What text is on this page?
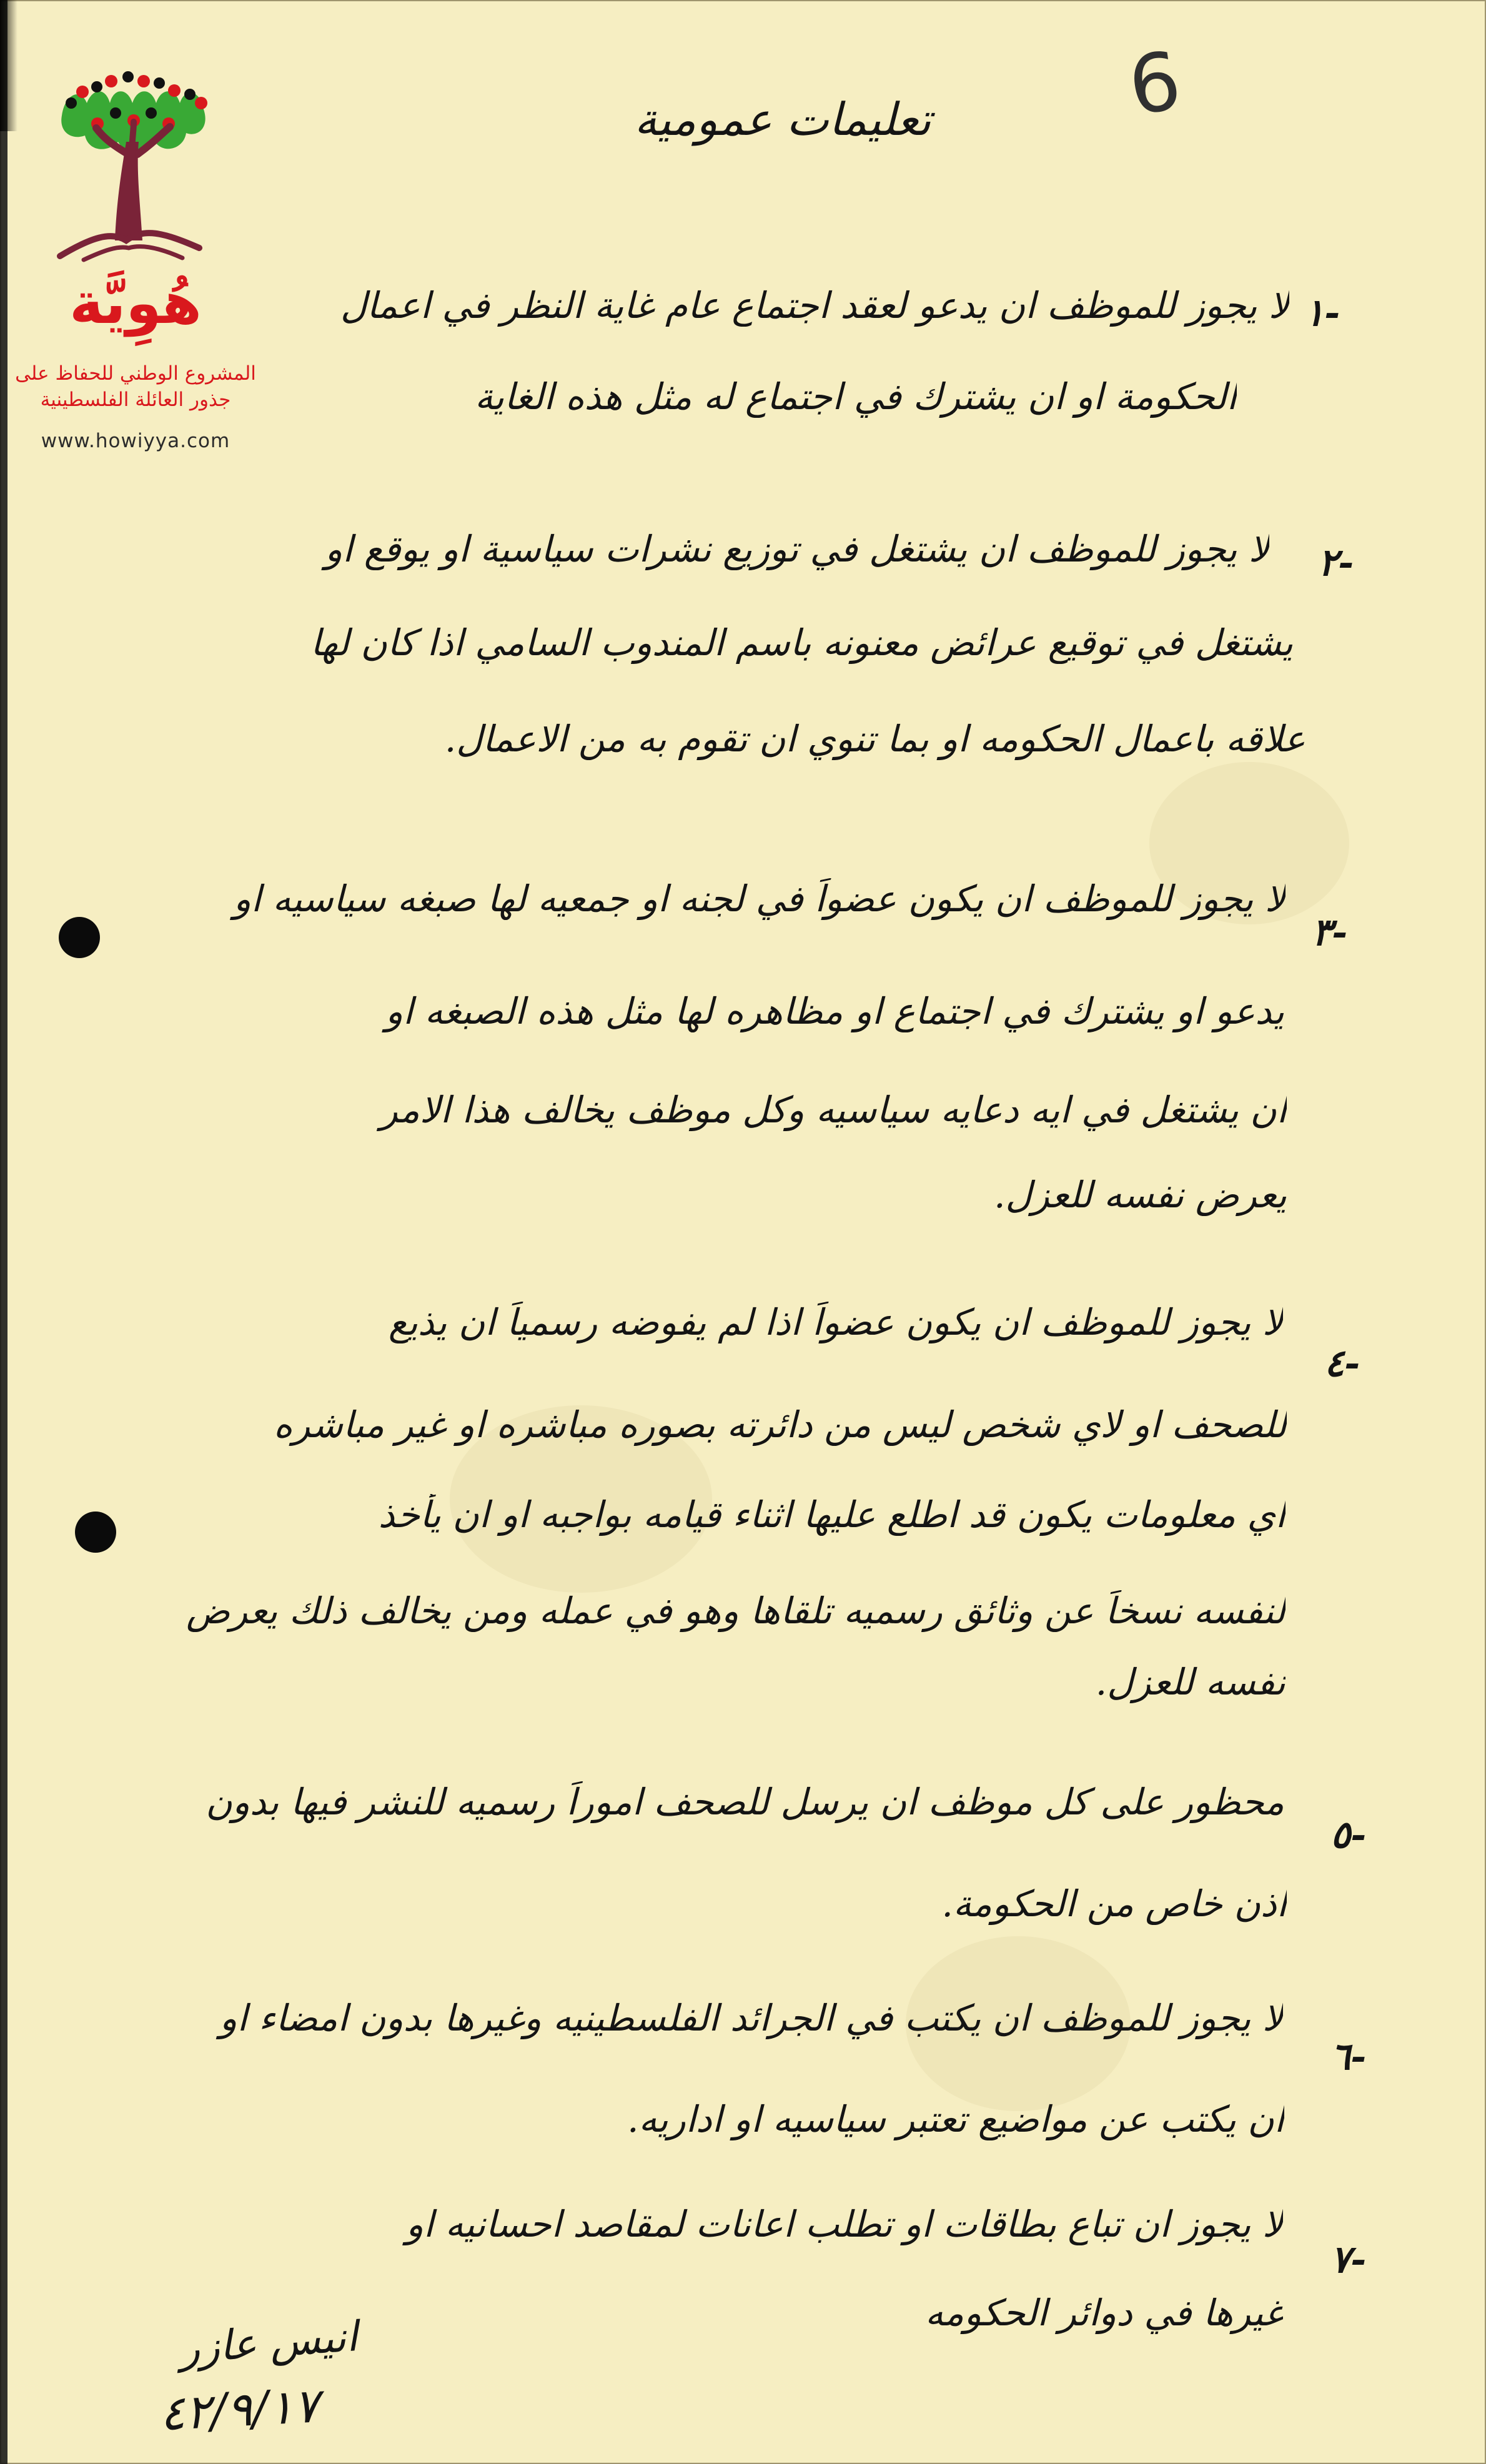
هُوِيَّة
المشروع الوطني للحفاظ على
جذور العائلة الفلسطينية
www.howiyya.com
6
تعليمات عمومية
-١
لا يجوز للموظف ان يدعو لعقد اجتماع عام غاية النظر في اعمال
الحكومة او ان يشترك في اجتماع له مثل هذه الغاية
-٢
لا يجوز للموظف ان يشتغل في توزيع نشرات سياسية او يوقع او
يشتغل في توقيع عرائض معنونه باسم المندوب السامي اذا كان لها
علاقه باعمال الحكومه او بما تنوي ان تقوم به من الاعمال.
-٣
لا يجوز للموظف ان يكون عضواً في لجنه او جمعيه لها صبغه سياسيه او
يدعو او يشترك في اجتماع او مظاهره لها مثل هذه الصبغه او
ان يشتغل في ايه دعايه سياسيه وكل موظف يخالف هذا الامر
يعرض نفسه للعزل.
-٤
لا يجوز للموظف ان يكون عضواً اذا لم يفوضه رسمياً ان يذيع
للصحف او لاي شخص ليس من دائرته بصوره مباشره او غير مباشره
اي معلومات يكون قد اطلع عليها اثناء قيامه بواجبه او ان يأخذ
لنفسه نسخاً عن وثائق رسميه تلقاها وهو في عمله ومن يخالف ذلك يعرض
نفسه للعزل.
-٥
محظور على كل موظف ان يرسل للصحف اموراً رسميه للنشر فيها بدون
اذن خاص من الحكومة.
-٦
لا يجوز للموظف ان يكتب في الجرائد الفلسطينيه وغيرها بدون امضاء او
ان يكتب عن مواضيع تعتبر سياسيه او اداريه.
-٧
لا يجوز ان تباع بطاقات او تطلب اعانات لمقاصد احسانيه او
غيرها في دوائر الحكومه
انيس عازر
٤٢/٩/١٧
